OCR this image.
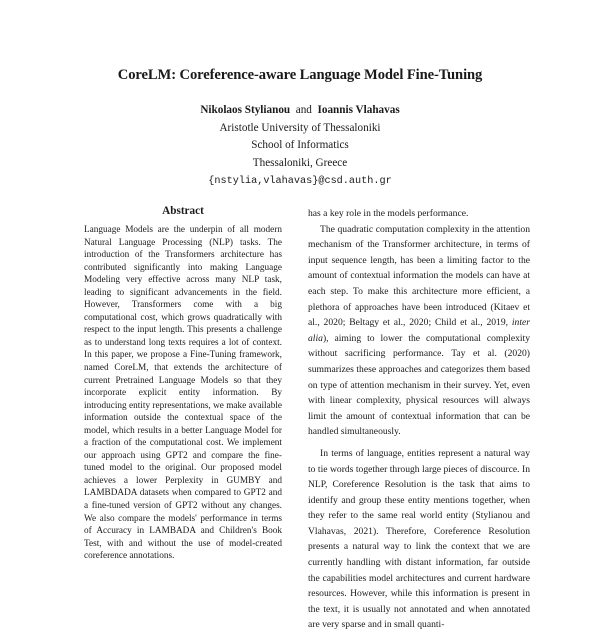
CoreLM: Coreference-aware Language Model Fine-Tuning
Nikolaos Stylianou and Ioannis Vlahavas
Aristotle University of Thessaloniki
School of Informatics
Thessaloniki, Greece
{nstylia,vlahavas}@csd.auth.gr
Abstract
Language Models are the underpin of all modern Natural Language Processing (NLP) tasks. The introduction of the Transformers architecture has contributed significantly into making Language Modeling very effective across many NLP task, leading to significant advancements in the field. However, Transformers come with a big computational cost, which grows quadratically with respect to the input length. This presents a challenge as to understand long texts requires a lot of context. In this paper, we propose a Fine-Tuning framework, named CoreLM, that extends the architecture of current Pretrained Language Models so that they incorporate explicit entity information. By introducing entity representations, we make available information outside the contextual space of the model, which results in a better Language Model for a fraction of the computational cost. We implement our approach using GPT2 and compare the fine-tuned model to the original. Our proposed model achieves a lower Perplexity in GUMBY and LAMBDADA datasets when compared to GPT2 and a fine-tuned version of GPT2 without any changes. We also compare the models' performance in terms of Accuracy in LAMBADA and Children's Book Test, with and without the use of model-created coreference annotations.

has a key role in the models performance.

The quadratic computation complexity in the attention mechanism of the Transformer architecture, in terms of input sequence length, has been a limiting factor to the amount of contextual information the models can have at each step. To make this architecture more efficient, a plethora of approaches have been introduced (Kitaev et al., 2020; Beltagy et al., 2020; Child et al., 2019, inter alia), aiming to lower the computational complexity without sacrificing performance. Tay et al. (2020) summarizes these approaches and categorizes them based on type of attention mechanism in their survey. Yet, even with linear complexity, physical resources will always limit the amount of contextual information that can be handled simultaneously.

In terms of language, entities represent a natural way to tie words together through large pieces of discource. In NLP, Coreference Resolution is the task that aims to identify and group these entity mentions together, when they refer to the same real world entity (Stylianou and Vlahavas, 2021). Therefore, Coreference Resolution presents a natural way to link the context that we are currently handling with distant information, far outside the capabilities model architectures and current hardware resources. However, while this information is present in the text, it is usually not annotated and when annotated are very sparse and in small quanti-
